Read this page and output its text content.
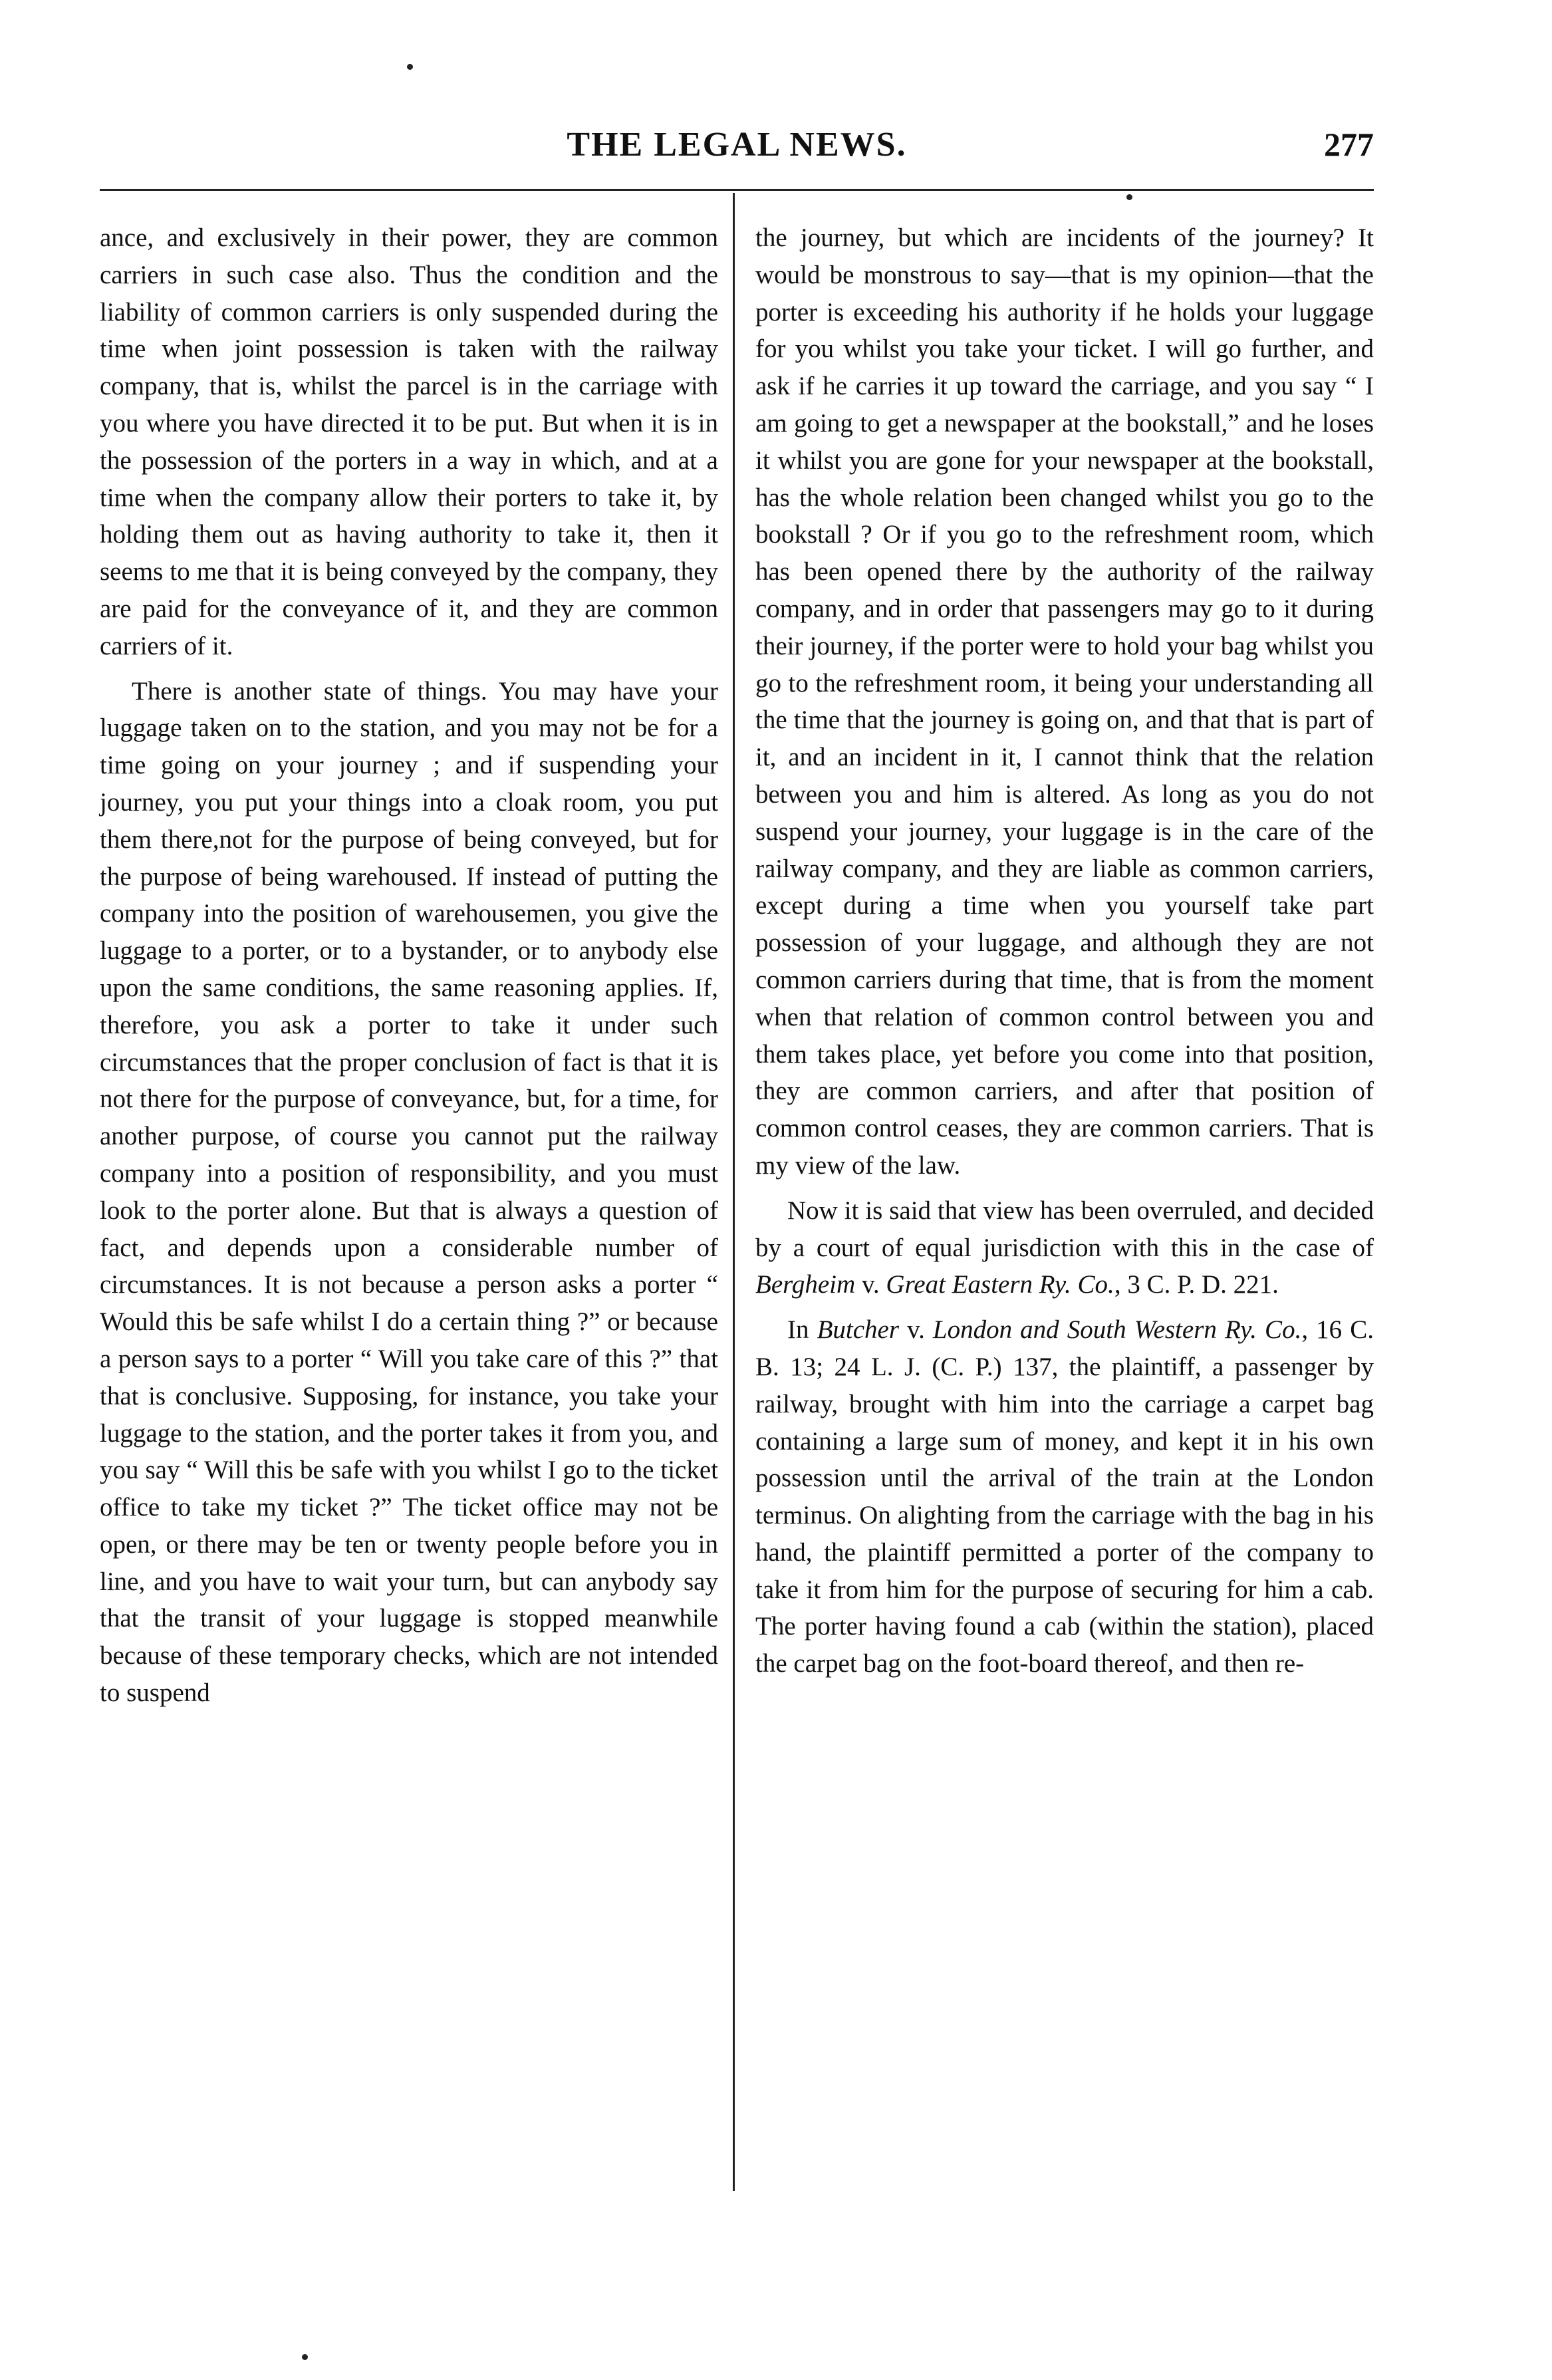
THE LEGAL NEWS.	277

ance, and exclusively in their power, they are common carriers in such case also. Thus the condition and the liability of common carriers is only suspended during the time when joint possession is taken with the railway company, that is, whilst the parcel is in the carriage with you where you have directed it to be put. But when it is in the possession of the porters in a way in which, and at a time when the company allow their porters to take it, by holding them out as having authority to take it, then it seems to me that it is being conveyed by the company, they are paid for the conveyance of it, and they are common carriers of it.

There is another state of things. You may have your luggage taken on to the station, and you may not be for a time going on your journey ; and if suspending your journey, you put your things into a cloak room, you put them there,not for the purpose of being conveyed, but for the purpose of being warehoused. If instead of putting the company into the position of warehousemen, you give the luggage to a porter, or to a bystander, or to anybody else upon the same conditions, the same reasoning applies. If, therefore, you ask a porter to take it under such circumstances that the proper conclusion of fact is that it is not there for the purpose of conveyance, but, for a time, for another purpose, of course you cannot put the railway company into a position of responsibility, and you must look to the porter alone. But that is always a question of fact, and depends upon a considerable number of circumstances. It is not because a person asks a porter “ Would this be safe whilst I do a certain thing ?” or because a person says to a porter “ Will you take care of this ?” that that is conclusive. Supposing, for instance, you take your luggage to the station, and the porter takes it from you, and you say “ Will this be safe with you whilst I go to the ticket office to take my ticket ?” The ticket office may not be open, or there may be ten or twenty people before you in line, and you have to wait your turn, but can anybody say that the transit of your luggage is stopped meanwhile because of these temporary checks, which are not intended to suspend

the journey, but which are incidents of the journey? It would be monstrous to say—that is my opinion—that the porter is exceeding his authority if he holds your luggage for you whilst you take your ticket. I will go further, and ask if he carries it up toward the carriage, and you say “ I am going to get a newspaper at the bookstall,” and he loses it whilst you are gone for your newspaper at the bookstall, has the whole relation been changed whilst you go to the bookstall ? Or if you go to the refreshment room, which has been opened there by the authority of the railway company, and in order that passengers may go to it during their journey, if the porter were to hold your bag whilst you go to the refreshment room, it being your understanding all the time that the journey is going on, and that that is part of it, and an incident in it, I cannot think that the relation between you and him is altered. As long as you do not suspend your journey, your luggage is in the care of the railway company, and they are liable as common carriers, except during a time when you yourself take part possession of your luggage, and although they are not common carriers during that time, that is from the moment when that relation of common control between you and them takes place, yet before you come into that position, they are common carriers, and after that position of common control ceases, they are common carriers. That is my view of the law.

Now it is said that view has been overruled, and decided by a court of equal jurisdiction with this in the case of Bergheim v. Great Eastern Ry. Co., 3 C. P. D. 221.

In Butcher v. London and South Western Ry. Co., 16 C. B. 13; 24 L. J. (C. P.) 137, the plaintiff, a passenger by railway, brought with him into the carriage a carpet bag containing a large sum of money, and kept it in his own possession until the arrival of the train at the London terminus. On alighting from the carriage with the bag in his hand, the plaintiff permitted a porter of the company to take it from him for the purpose of securing for him a cab. The porter having found a cab (within the station), placed the carpet bag on the foot-board thereof, and then re-
